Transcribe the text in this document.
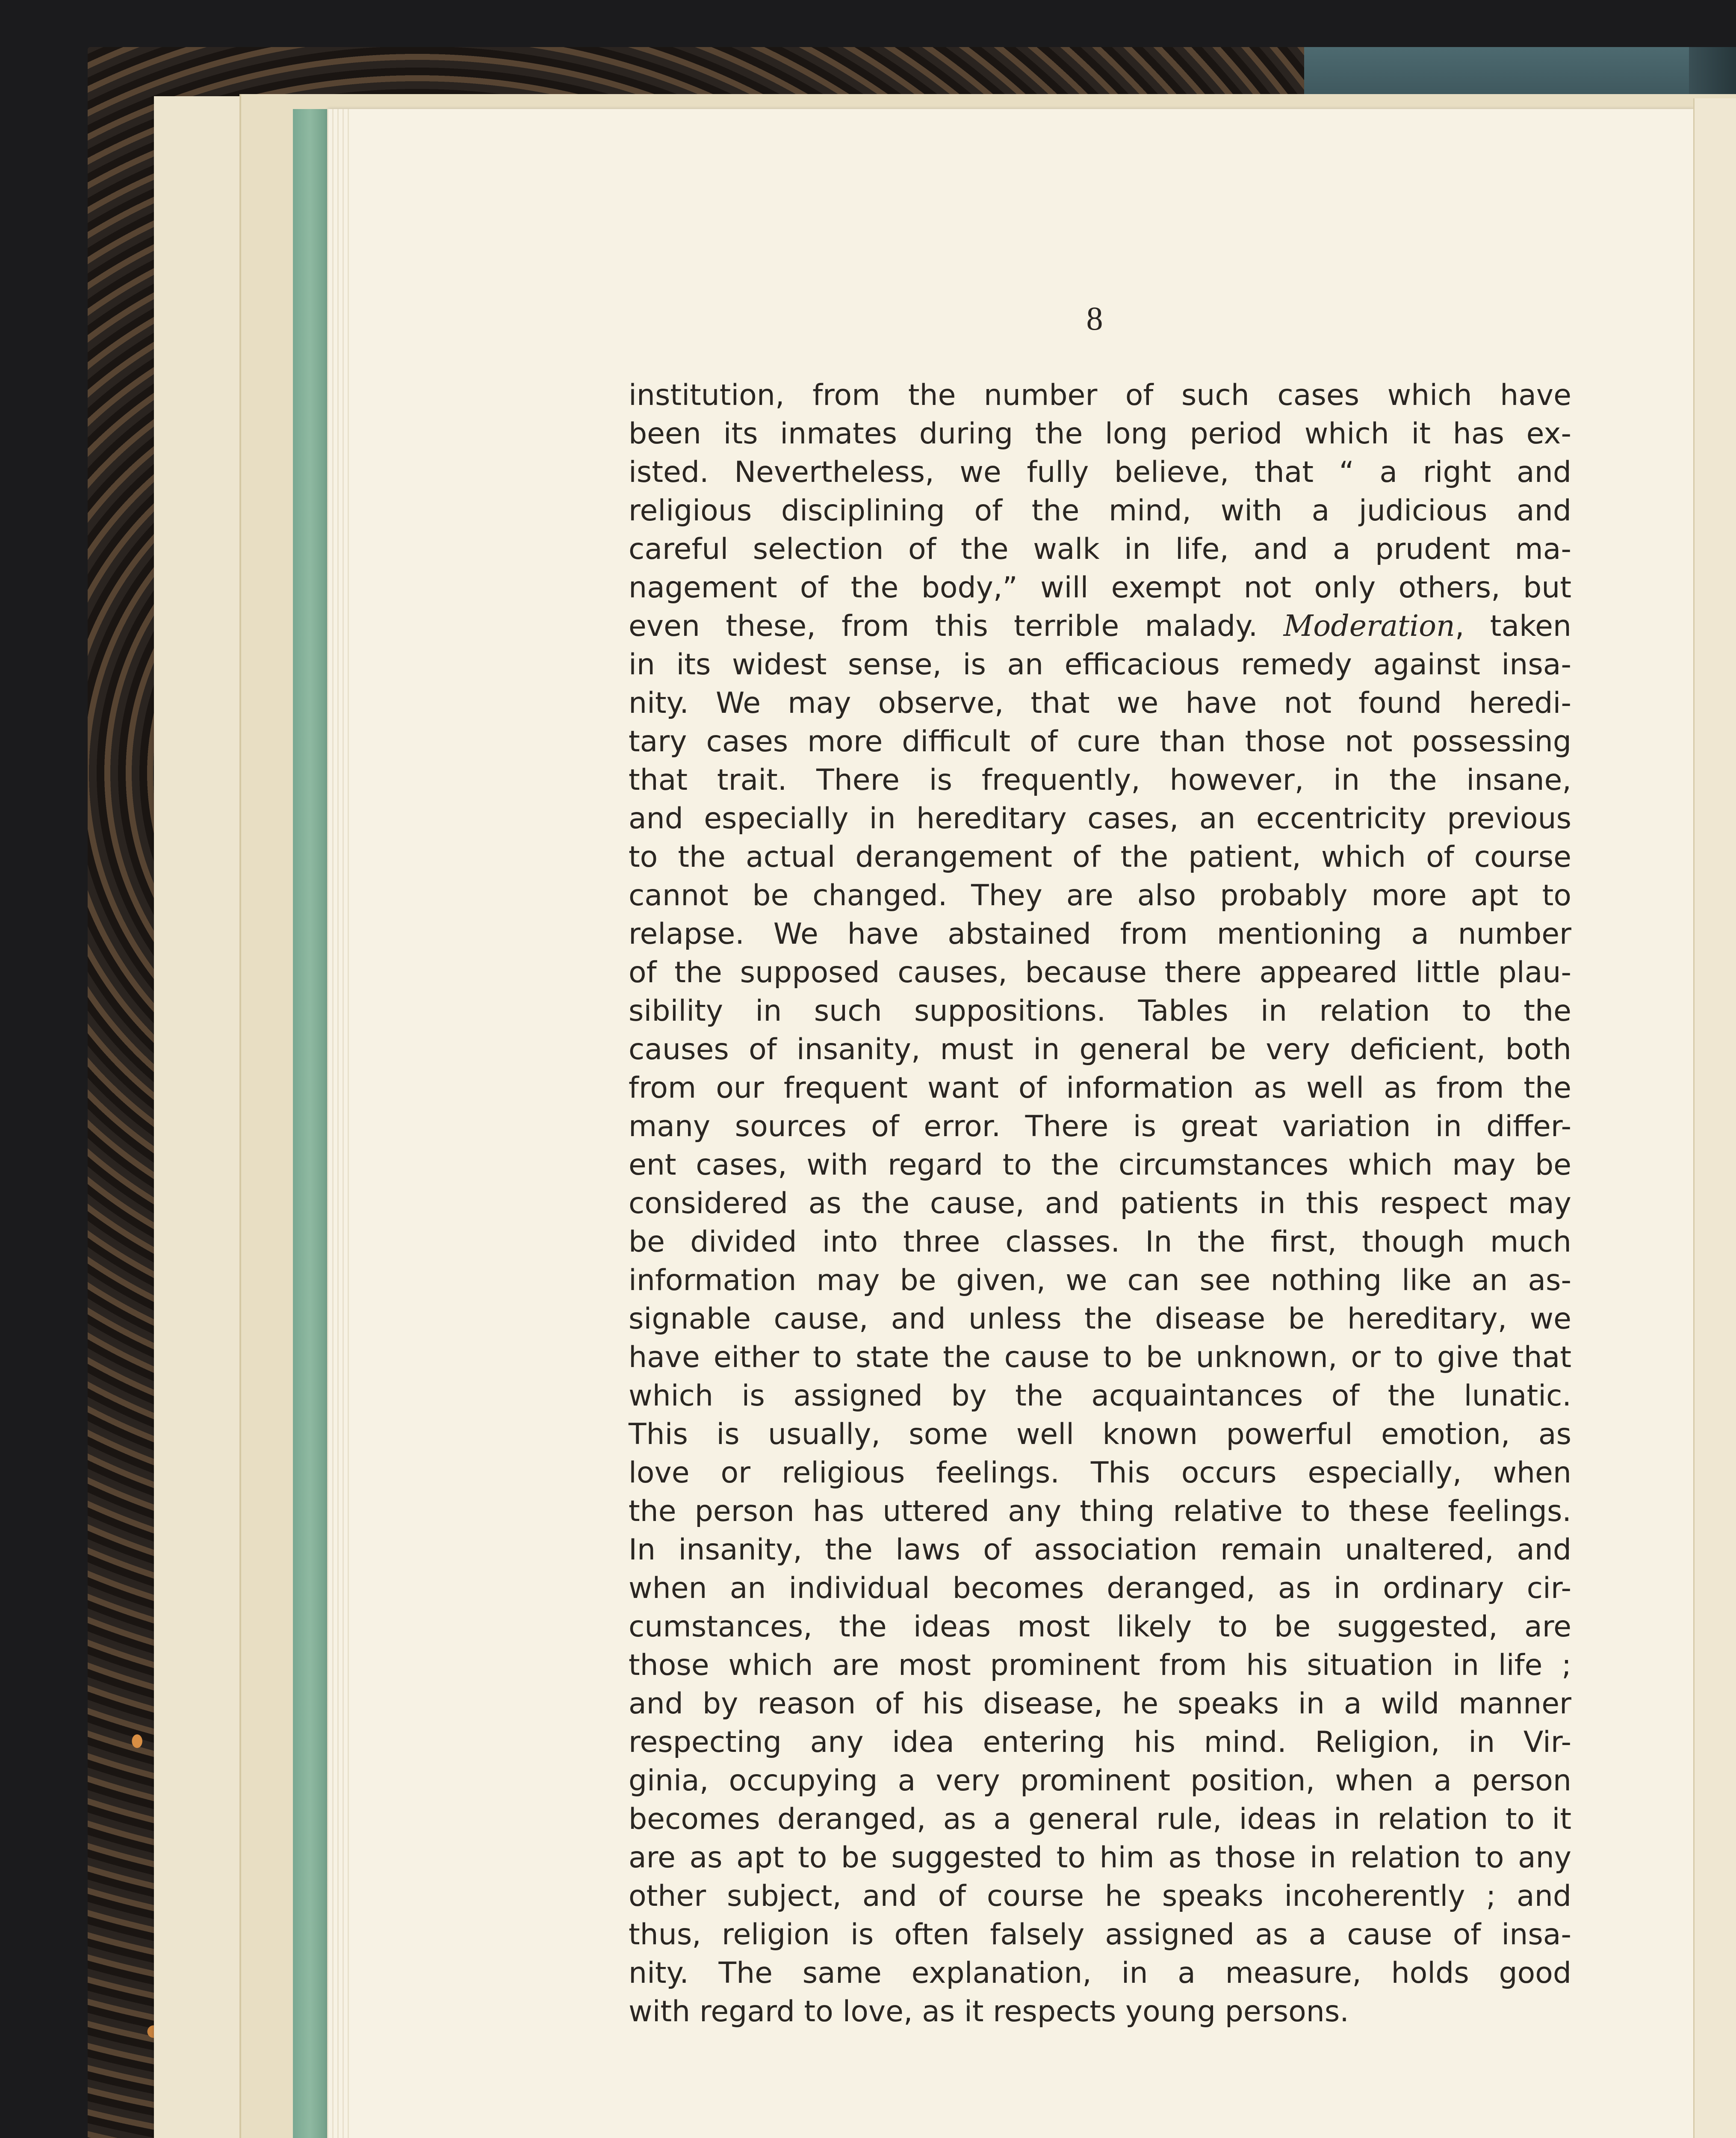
8
institution, from the number of such cases which have
been its inmates during the long period which it has ex-
isted. Nevertheless, we fully believe, that “ a right and
religious disciplining of the mind, with a judicious and
careful selection of the walk in life, and a prudent ma-
nagement of the body,” will exempt not only others, but
even these, from this terrible malady. Moderation, taken
in its widest sense, is an efficacious remedy against insa-
nity. We may observe, that we have not found heredi-
tary cases more difficult of cure than those not possessing
that trait. There is frequently, however, in the insane,
and especially in hereditary cases, an eccentricity previous
to the actual derangement of the patient, which of course
cannot be changed. They are also probably more apt to
relapse. We have abstained from mentioning a number
of the supposed causes, because there appeared little plau-
sibility in such suppositions. Tables in relation to the
causes of insanity, must in general be very deficient, both
from our frequent want of information as well as from the
many sources of error. There is great variation in differ-
ent cases, with regard to the circumstances which may be
considered as the cause, and patients in this respect may
be divided into three classes. In the first, though much
information may be given, we can see nothing like an as-
signable cause, and unless the disease be hereditary, we
have either to state the cause to be unknown, or to give that
which is assigned by the acquaintances of the lunatic.
This is usually, some well known powerful emotion, as
love or religious feelings. This occurs especially, when
the person has uttered any thing relative to these feelings.
In insanity, the laws of association remain unaltered, and
when an individual becomes deranged, as in ordinary cir-
cumstances, the ideas most likely to be suggested, are
those which are most prominent from his situation in life ;
and by reason of his disease, he speaks in a wild manner
respecting any idea entering his mind. Religion, in Vir-
ginia, occupying a very prominent position, when a person
becomes deranged, as a general rule, ideas in relation to it
are as apt to be suggested to him as those in relation to any
other subject, and of course he speaks incoherently ; and
thus, religion is often falsely assigned as a cause of insa-
nity. The same explanation, in a measure, holds good
with regard to love, as it respects young persons.
